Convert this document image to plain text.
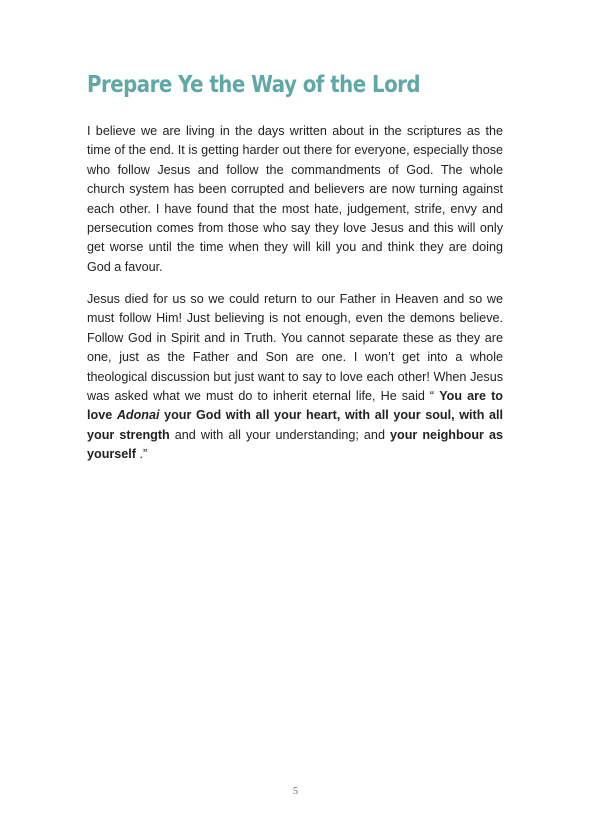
Prepare Ye the Way of the Lord

I believe we are living in the days written about in the scriptures as the time of the end. It is getting harder out there for everyone, especially those who follow Jesus and follow the commandments of God. The whole church system has been corrupted and believers are now turning against each other. I have found that the most hate, judgement, strife, envy and persecution comes from those who say they love Jesus and this will only get worse until the time when they will kill you and think they are doing God a favour.

Jesus died for us so we could return to our Father in Heaven and so we must follow Him! Just believing is not enough, even the demons believe. Follow God in Spirit and in Truth. You cannot separate these as they are one, just as the Father and Son are one. I won’t get into a whole theological discussion but just want to say to love each other! When Jesus was asked what we must do to inherit eternal life, He said “ You are to love Adonai your God with all your heart, with all your soul, with all your strength and with all your understanding; and your neighbour as yourself .”

5
